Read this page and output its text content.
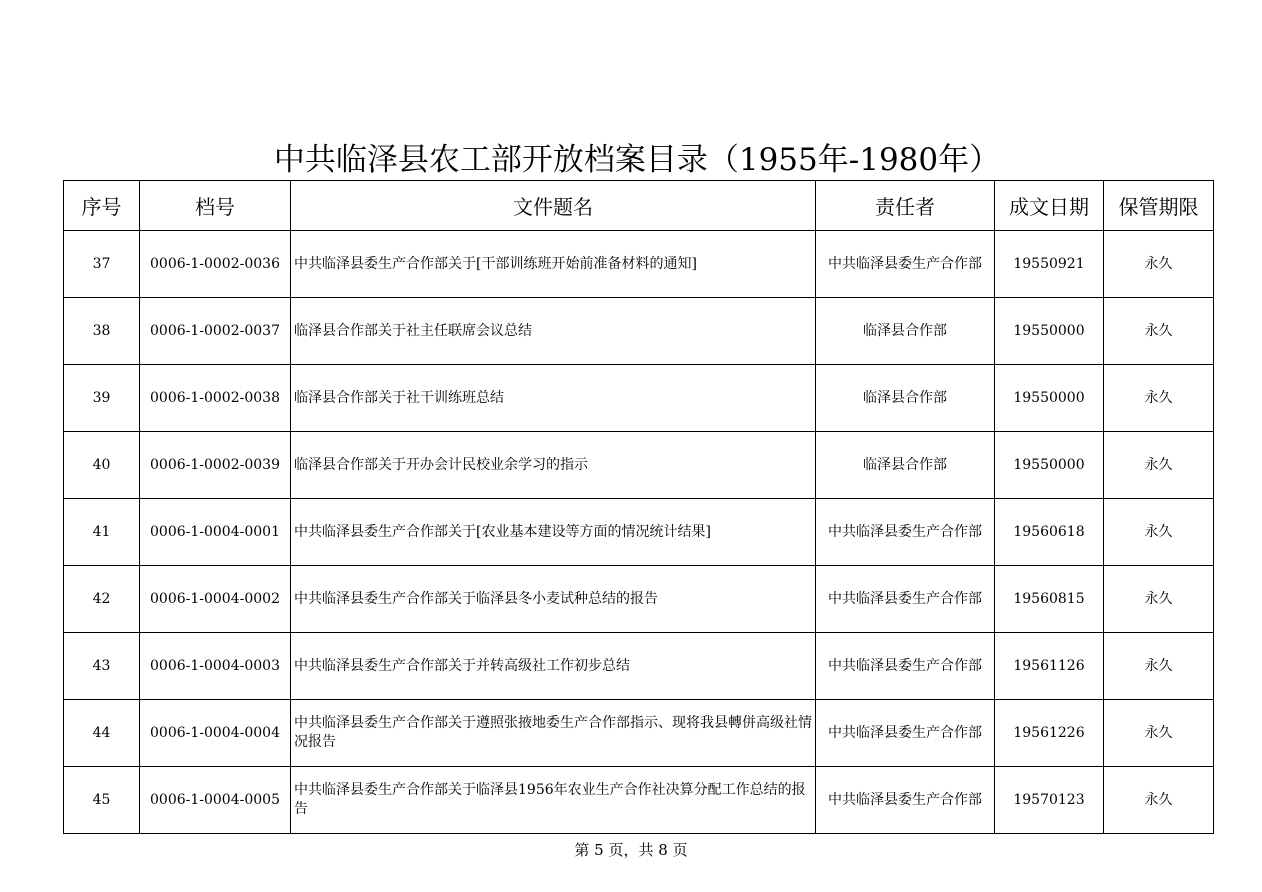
中共临泽县农工部开放档案目录（1955年-1980年）
序号	档号	文件题名	责任者	成文日期	保管期限
37	0006-1-0002-0036	中共临泽县委生产合作部关于[干部训练班开始前准备材料的通知]	中共临泽县委生产合作部	19550921	永久
38	0006-1-0002-0037	临泽县合作部关于社主任联席会议总结	临泽县合作部	19550000	永久
39	0006-1-0002-0038	临泽县合作部关于社干训练班总结	临泽县合作部	19550000	永久
40	0006-1-0002-0039	临泽县合作部关于开办会计民校业余学习的指示	临泽县合作部	19550000	永久
41	0006-1-0004-0001	中共临泽县委生产合作部关于[农业基本建设等方面的情况统计结果]	中共临泽县委生产合作部	19560618	永久
42	0006-1-0004-0002	中共临泽县委生产合作部关于临泽县冬小麦试种总结的报告	中共临泽县委生产合作部	19560815	永久
43	0006-1-0004-0003	中共临泽县委生产合作部关于并转高级社工作初步总结	中共临泽县委生产合作部	19561126	永久
44	0006-1-0004-0004	中共临泽县委生产合作部关于遵照张掖地委生产合作部指示、现将我县轉併高级社情况报告	中共临泽县委生产合作部	19561226	永久
45	0006-1-0004-0005	中共临泽县委生产合作部关于临泽县1956年农业生产合作社决算分配工作总结的报告	中共临泽县委生产合作部	19570123	永久
第 5 页，共 8 页
